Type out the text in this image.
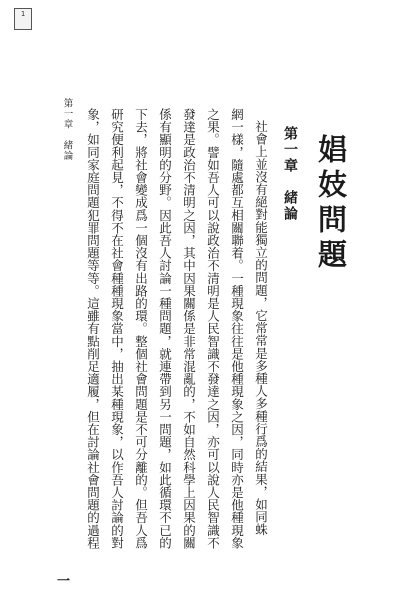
1
娼妓問題
第一章　緒論
社會上並沒有絕對能獨立的問題，它常常是多種人多種行爲的結果，如同蛛
網一樣，隨處都互相關聯着。一種現象往往是他種現象之因，同時亦是他種現象
之果。譬如吾人可以說政治不清明是人民智識不發達之因，亦可以說人民智識不
發達是政治不清明之因，其中因果關係是非常混亂的，不如自然科學上因果的關
係有顯明的分野。因此吾人討論一種問題，就連帶到另一問題，如此循環不已的
下去，將社會變成爲一個沒有出路的環。整個社會問題是不可分離的。但吾人爲
研究便利起見，不得不在社會種種現象當中，抽出某種現象，以作吾人討論的對
象，如同家庭問題犯罪問題等等。這雖有點削足適履，但在討論社會問題的過程
第一章　緒論
一
